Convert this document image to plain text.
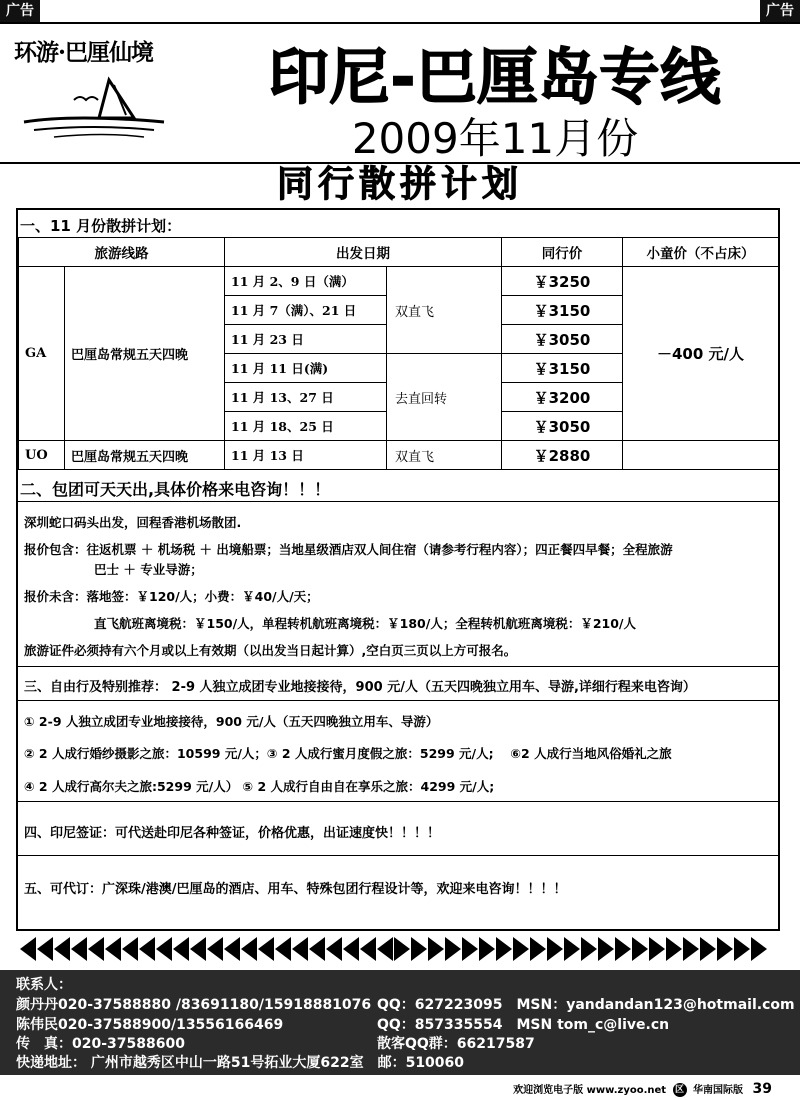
广告	广告
环游·巴厘仙境	印尼-巴厘岛专线
2009年11月份
同行散拼计划
一、11 月份散拼计划：
旅游线路		出发日期		同行价	小童价（不占床）
GA	巴厘岛常规五天四晚	11 月 2、9 日（满）	双直飞	￥3250	－400 元/人
		11 月 7（满）、21 日		￥3150	
		11 月 23 日		￥3050	
		11 月 11 日(满)	去直回转	￥3150	
		11 月 13、27 日		￥3200	
		11 月 18、25 日		￥3050	
UO	巴厘岛常规五天四晚	11 月 13 日	双直飞	￥2880	
二、包团可天天出,具体价格来电咨询！！！
深圳蛇口码头出发，回程香港机场散团.
报价包含：往返机票 ＋ 机场税 ＋ 出境船票；当地星级酒店双人间住宿（请参考行程内容）；四正餐四早餐；全程旅游
巴士 ＋ 专业导游；
报价未含：落地签：￥120/人；小费：￥40/人/天；
直飞航班离境税：￥150/人，单程转机航班离境税：￥180/人；全程转机航班离境税：￥210/人
旅游证件必须持有六个月或以上有效期（以出发当日起计算）,空白页三页以上方可报名。
三、自由行及特别推荐： 2-9 人独立成团专业地接接待，900 元/人（五天四晚独立用车、导游,详细行程来电咨询）
① 2-9 人独立成团专业地接接待，900 元/人（五天四晚独立用车、导游）
② 2 人成行婚纱摄影之旅：10599 元/人；③ 2 人成行蜜月度假之旅：5299 元/人;　 ⑥2 人成行当地风俗婚礼之旅
④ 2 人成行高尔夫之旅:5299 元/人） ⑤ 2 人成行自由自在享乐之旅：4299 元/人;
四、印尼签证：可代送赴印尼各种签证，价格优惠，出证速度快！！！！
五、可代订：广深珠/港澳/巴厘岛的酒店、用车、特殊包团行程设计等，欢迎来电咨询！！！！
联系人：
颜丹丹020-37588880 /83691180/15918881076 QQ：627223095　MSN：yandandan123@hotmail.com
陈伟民020-37588900/13556166469	QQ：857335554　MSN tom_c@live.cn
传　真：020-37588600	散客QQ群：66217587
快递地址： 广州市越秀区中山一路51号拓业大厦622室　邮：510060
欢迎浏览电子版 www.zyoo.net 区 华南国际版 39
